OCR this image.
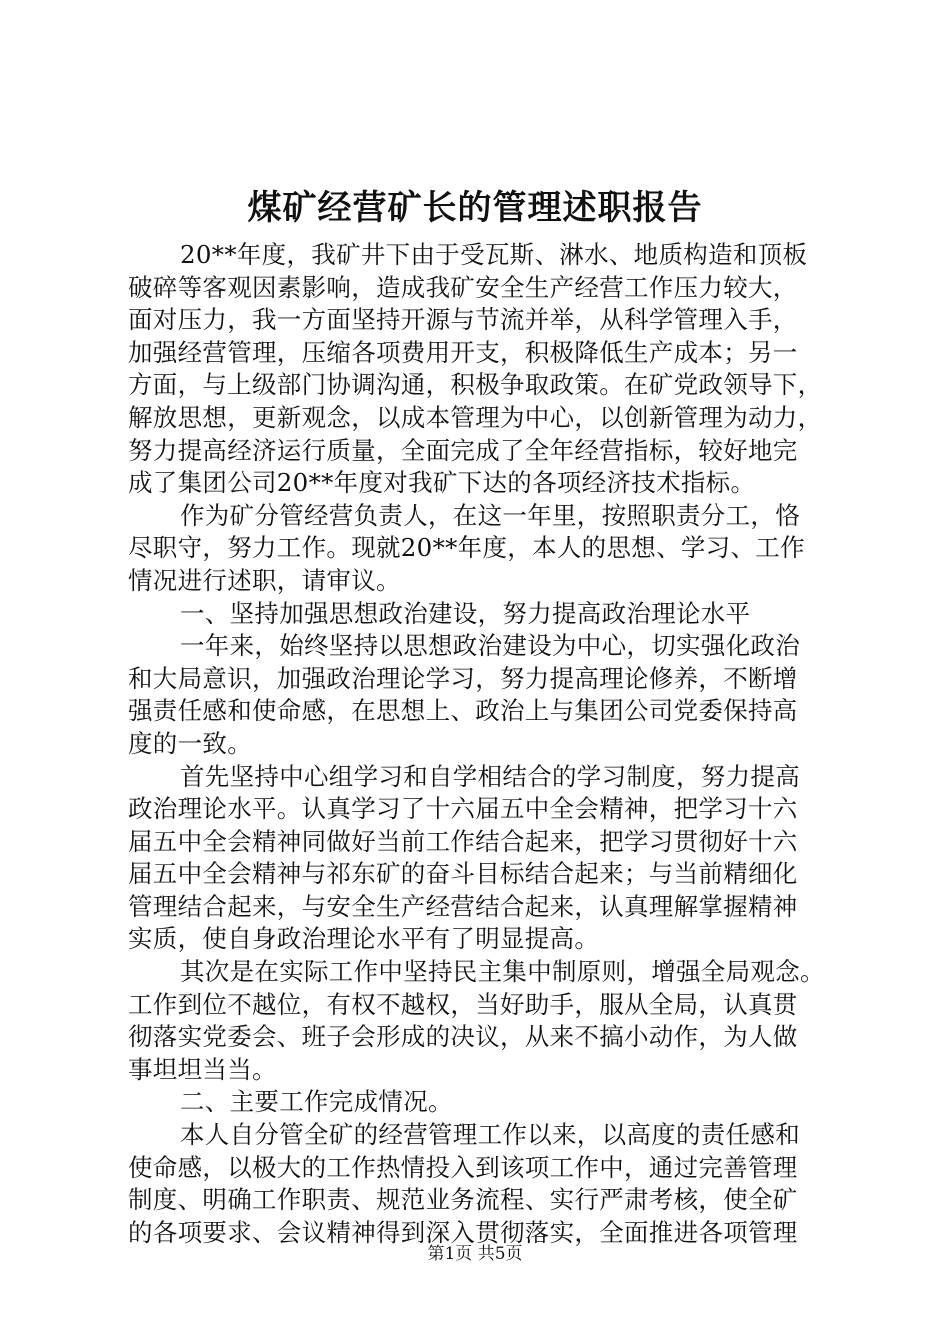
煤矿经营矿长的管理述职报告
20**年度，我矿井下由于受瓦斯、淋水、地质构造和顶板
破碎等客观因素影响，造成我矿安全生产经营工作压力较大，
面对压力，我一方面坚持开源与节流并举，从科学管理入手，
加强经营管理，压缩各项费用开支，积极降低生产成本；另一
方面，与上级部门协调沟通，积极争取政策。在矿党政领导下，
解放思想，更新观念，以成本管理为中心，以创新管理为动力，
努力提高经济运行质量，全面完成了全年经营指标，较好地完
成了集团公司20**年度对我矿下达的各项经济技术指标。
作为矿分管经营负责人，在这一年里，按照职责分工，恪
尽职守，努力工作。现就20**年度，本人的思想、学习、工作
情况进行述职，请审议。
一、坚持加强思想政治建设，努力提高政治理论水平
一年来，始终坚持以思想政治建设为中心，切实强化政治
和大局意识，加强政治理论学习，努力提高理论修养，不断增
强责任感和使命感，在思想上、政治上与集团公司党委保持高
度的一致。
首先坚持中心组学习和自学相结合的学习制度，努力提高
政治理论水平。认真学习了十六届五中全会精神，把学习十六
届五中全会精神同做好当前工作结合起来，把学习贯彻好十六
届五中全会精神与祁东矿的奋斗目标结合起来；与当前精细化
管理结合起来，与安全生产经营结合起来，认真理解掌握精神
实质，使自身政治理论水平有了明显提高。
其次是在实际工作中坚持民主集中制原则，增强全局观念。
工作到位不越位，有权不越权，当好助手，服从全局，认真贯
彻落实党委会、班子会形成的决议，从来不搞小动作，为人做
事坦坦当当。
二、主要工作完成情况。
本人自分管全矿的经营管理工作以来，以高度的责任感和
使命感，以极大的工作热情投入到该项工作中，通过完善管理
制度、明确工作职责、规范业务流程、实行严肃考核，使全矿
的各项要求、会议精神得到深入贯彻落实，全面推进各项管理
第1页 共5页
